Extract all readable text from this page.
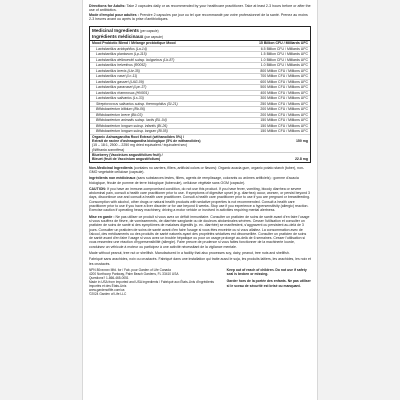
Directions for Adults: Take 2 capsules daily or as recommended by your healthcare practitioner. Take at least 2-3 hours before or after the use of antibiotics.

Mode d'emploi pour adultes : Prendre 2 capsules par jour ou tel que recommandé par votre professionnel de la santé. Prenez au moins 2-3 heures avant ou après la prise d'antibiotiques.

Medicinal Ingredients (per capsule)
Ingrédients médicinaux (par capsule)
Mood Probiotic Blend / Mélange probiotique Mood	15 Billion CFU / Milliards UFC
Lactobacillus acidophilus (La-14)	6.5 Billion CFU / Milliards UFC
Lactobacillus plantarum (Lp-115)	1.5 Billion CFU / Milliards UFC
Lactobacillus delbrueckii subsp. bulgaricus (Lb-87)	1.0 Billion CFU / Milliards UFC
Lactobacillus helveticus (R0052)	1.0 Billion CFU / Milliards UFC
Lactobacillus brevis (Lbr-35)	800 Million CFU / Millions UFC
Lactobacillus casei (Lc-11)	700 Million CFU / Millions UFC
Lactobacillus gasseri (LAG-09)	600 Million CFU / Millions UFC
Lactobacillus paracasei (Lpc-37)	500 Million CFU / Millions UFC
Lactobacillus rhamnosus (HN001)	400 Million CFU / Millions UFC
Lactobacillus salivarius (Ls-33)	300 Million CFU / Millions UFC
Streptococcus salivarius subsp. thermophilus (St-21)	250 Million CFU / Millions UFC
Bifidobacterium bifidum (Bb-06)	200 Million CFU / Millions UFC
Bifidobacterium breve (Bb-03)	200 Million CFU / Millions UFC
Bifidobacterium animalis subsp. lactis (BL-04)	150 Million CFU / Millions UFC
Bifidobacterium longum subsp. infantis (Bi-26)	150 Million CFU / Millions UFC
Bifidobacterium longum subsp. longum (Bl-05)	150 Million CFU / Millions UFC
Organic Ashwagandha Root Extract (withanolides 5%) /
Extrait de racine d'ashwagandha biologique (5% de withanolides)	150 mg
(15 – 18:1, 2500 – 2250 mg dried equivalent / équivalent sec)
(Withania somnifera)
Blueberry (Vaccinium angustifolium fruit) /
Bleuet (fruit de Vaccinium angustifolium)	22.8 mg

Non-Medicinal Ingredients (contains no carriers, fillers, artificial colors or flavors): Organic acacia gum, organic potato starch (tuber), non-GMO vegetable cellulose (capsule).

Ingrédients non médicinaux (sans substances lestes, fillers, agents de remplissage, colorants ou arômes artificiels) : gomme d'acacia biologique, fécule de pomme de terre biologique (tubercule), cellulose végétale sans OGM (capsule).

CAUTION: If you have an immune-compromised condition, do not use this product. If you have fever, vomiting, bloody diarrhea or severe abdominal pain, consult a health care practitioner prior to use. If symptoms of digestive upset (e.g. diarrhea) occur, worsen, or persist beyond 3 days, discontinue use and consult a health care practitioner. Consult a health care practitioner prior to use if you are pregnant or breastfeeding. Consumption with alcohol, other drugs or natural health products with sedative properties is not recommended. Consult a health care practitioner prior to use if you have a liver disorder or for use beyond 6 weeks. Stop use if you experience a hypersensitivity (allergic) reaction. Exercise caution if operating heavy machinery, driving a motor vehicle or involved in activities requiring mental alertness.

Mise en garde : Ne pas utiliser ce produit si vous avez un déficit immunitaire. Consulter un praticien de soins de santé avant d'en faire l'usage si vous souffrez de fièvre, de vomissements, de diarrhée sanglante ou de douleurs abdominales sévères. Cesser l'utilisation et consulter un praticien de soins de santé si des symptômes de malaises digestifs (p. ex. diarrhée) se manifestent, s'aggravent ou persistent au-delà de 3 jours. Consulter un praticien de soins de santé avant d'en faire l'usage si vous êtes enceinte ou si vous allaitez. La consommation avec de l'alcool, des médicaments ou des produits de santé naturels ayant des propriétés sédatives est déconseillée. Consulter un praticien de soins de santé avant d'en faire l'usage si vous avez un trouble hépatique ou pour un usage prolongé au-delà de 6 semaines. Cesser l'utilisation si vous ressentez une réaction d'hypersensibilité (allergie). Faire preuve de prudence si vous faites fonctionner de la machinerie lourde, conduisez un véhicule à moteur ou participez à une activité nécessitant de la vigilance mentale.

Made without peanut, tree nut or shellfish. Manufactured in a facility that also processes soy, dairy, peanut, tree nuts and shellfish.

Fabriqué sans arachides, noix ou crustacés. Fabriqué dans une installation qui traite aussi le soja, les produits laitiers, les arachides, les noix et les crustacés.

NPN 80xxxxxx Mfd. for / Fab. pour Garden of Life Canada
4200 Northcorp Parkway, Palm Beach Gardens, FL 33410 USA
Questions? 1-866-465-0051
Made in USA from Imported and USA ingredients / Fabriqué aux États-Unis d'ingrédients importés et des États-Unis
www.gardenoflife.com/ca
©2024 Garden of Life LLC

Keep out of reach of children. Do not use if safety seal is broken or missing.

Garder hors de la portée des enfants. Ne pas utiliser si le sceau de sécurité est brisé ou manquant.
